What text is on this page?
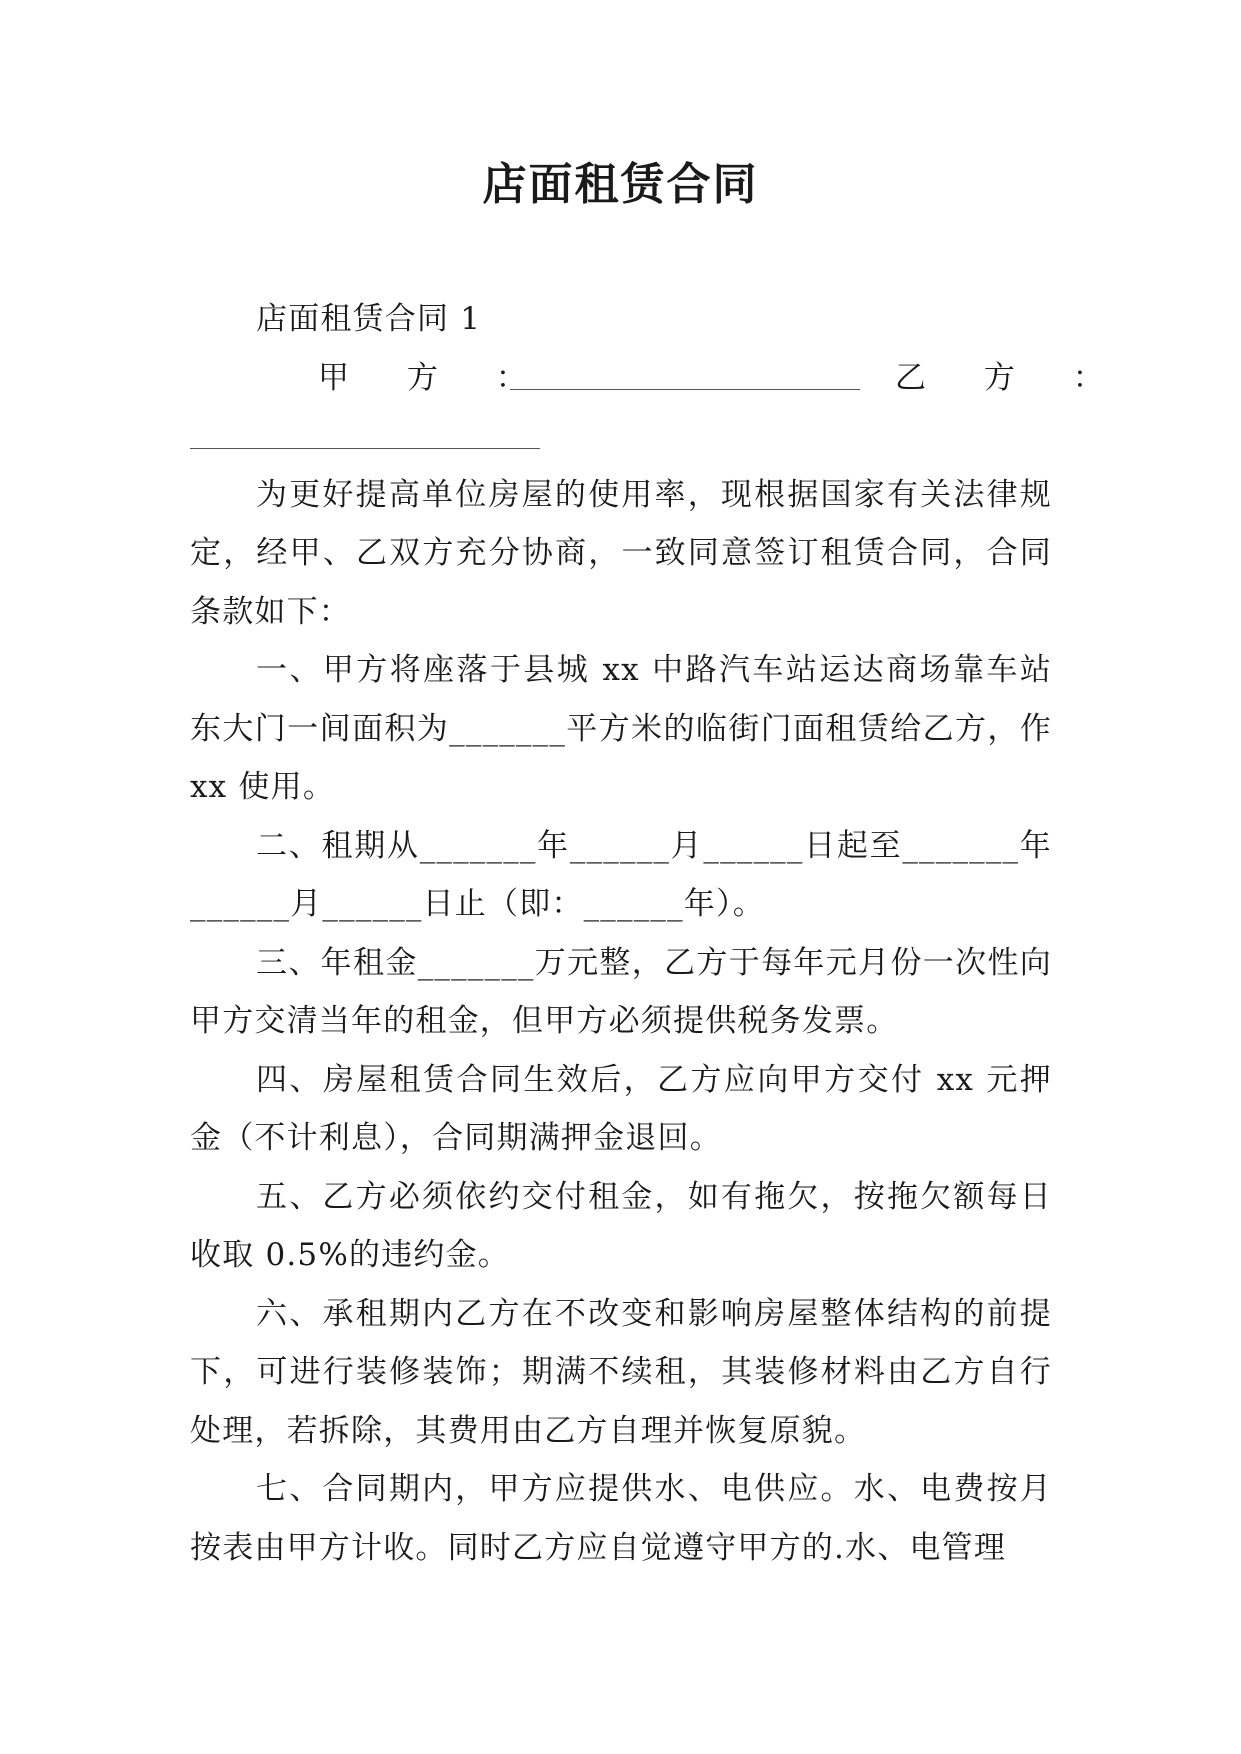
店面租赁合同
店面租赁合同 1
甲 方 ：	乙 方 ：

为更好提高单位房屋的使用率，现根据国家有关法律规定，经甲、乙双方充分协商，一致同意签订租赁合同，合同条款如下：

一、甲方将座落于县城 xx 中路汽车站运达商场靠车站东大门一间面积为_______平方米的临街门面租赁给乙方，作 xx 使用。

二、租期从_______年______月______日起至_______年______月______日止（即：______年）。

三、年租金_______万元整，乙方于每年元月份一次性向甲方交清当年的租金，但甲方必须提供税务发票。

四、房屋租赁合同生效后，乙方应向甲方交付 xx 元押金（不计利息），合同期满押金退回。

五、乙方必须依约交付租金，如有拖欠，按拖欠额每日收取 0.5%的违约金。

六、承租期内乙方在不改变和影响房屋整体结构的前提下，可进行装修装饰；期满不续租，其装修材料由乙方自行处理，若拆除，其费用由乙方自理并恢复原貌。

七、合同期内，甲方应提供水、电供应。水、电费按月按表由甲方计收。同时乙方应自觉遵守甲方的.水、电管理
